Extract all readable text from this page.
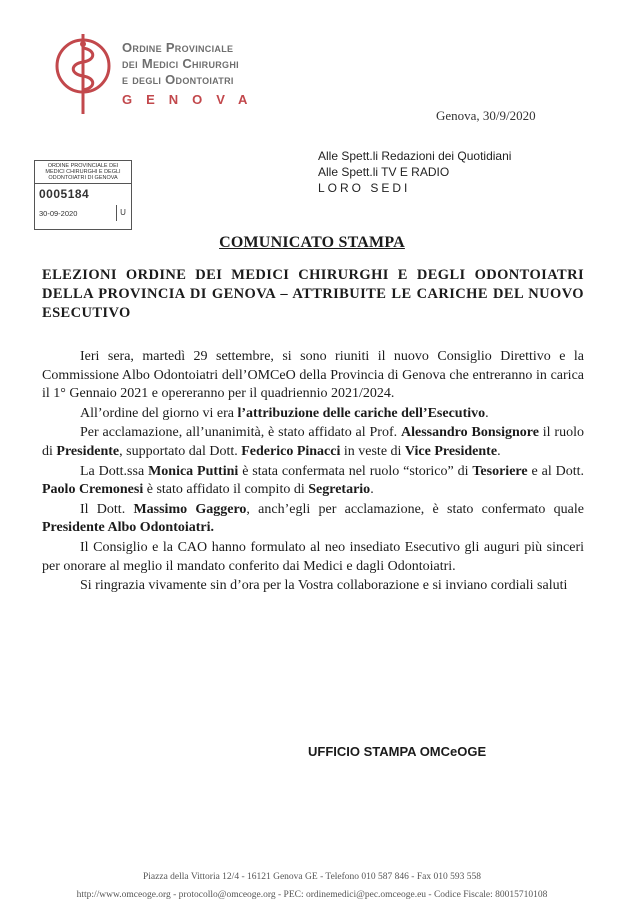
Ordine Provinciale
dei Medici Chirurghi
e degli Odontoiatri
GENOVA
Genova, 30/9/2020
Alle Spett.li Redazioni dei Quotidiani
Alle Spett.li TV E RADIO
LORO SEDI
ORDINE PROVINCIALE DEI
MEDICI CHIRURGHI E DEGLI
ODONTOIATRI DI GENOVA
0005184
30-09-2020	U
COMUNICATO STAMPA
ELEZIONI ORDINE DEI MEDICI CHIRURGHI E DEGLI ODONTOIATRI DELLA PROVINCIA DI GENOVA – ATTRIBUITE LE CARICHE DEL NUOVO ESECUTIVO

Ieri sera, martedì 29 settembre, si sono riuniti il nuovo Consiglio Direttivo e la Commissione Albo Odontoiatri dell’OMCeO della Provincia di Genova che entreranno in carica il 1° Gennaio 2021 e opereranno per il quadriennio 2021/2024.

All’ordine del giorno vi era l’attribuzione delle cariche dell’Esecutivo.

Per acclamazione, all’unanimità, è stato affidato al Prof. Alessandro Bonsignore il ruolo di Presidente, supportato dal Dott. Federico Pinacci in veste di Vice Presidente.

La Dott.ssa Monica Puttini è stata confermata nel ruolo “storico” di Tesoriere e al Dott. Paolo Cremonesi è stato affidato il compito di Segretario.

Il Dott. Massimo Gaggero, anch’egli per acclamazione, è stato confermato quale Presidente Albo Odontoiatri.

Il Consiglio e la CAO hanno formulato al neo insediato Esecutivo gli auguri più sinceri per onorare al meglio il mandato conferito dai Medici e dagli Odontoiatri.

Si ringrazia vivamente sin d’ora per la Vostra collaborazione e si inviano cordiali saluti

UFFICIO STAMPA OMCeOGE
Piazza della Vittoria 12/4 - 16121 Genova GE - Telefono 010 587 846 - Fax 010 593 558
http://www.omceoge.org - protocollo@omceoge.org - PEC: ordinemedici@pec.omceoge.eu - Codice Fiscale: 80015710108
